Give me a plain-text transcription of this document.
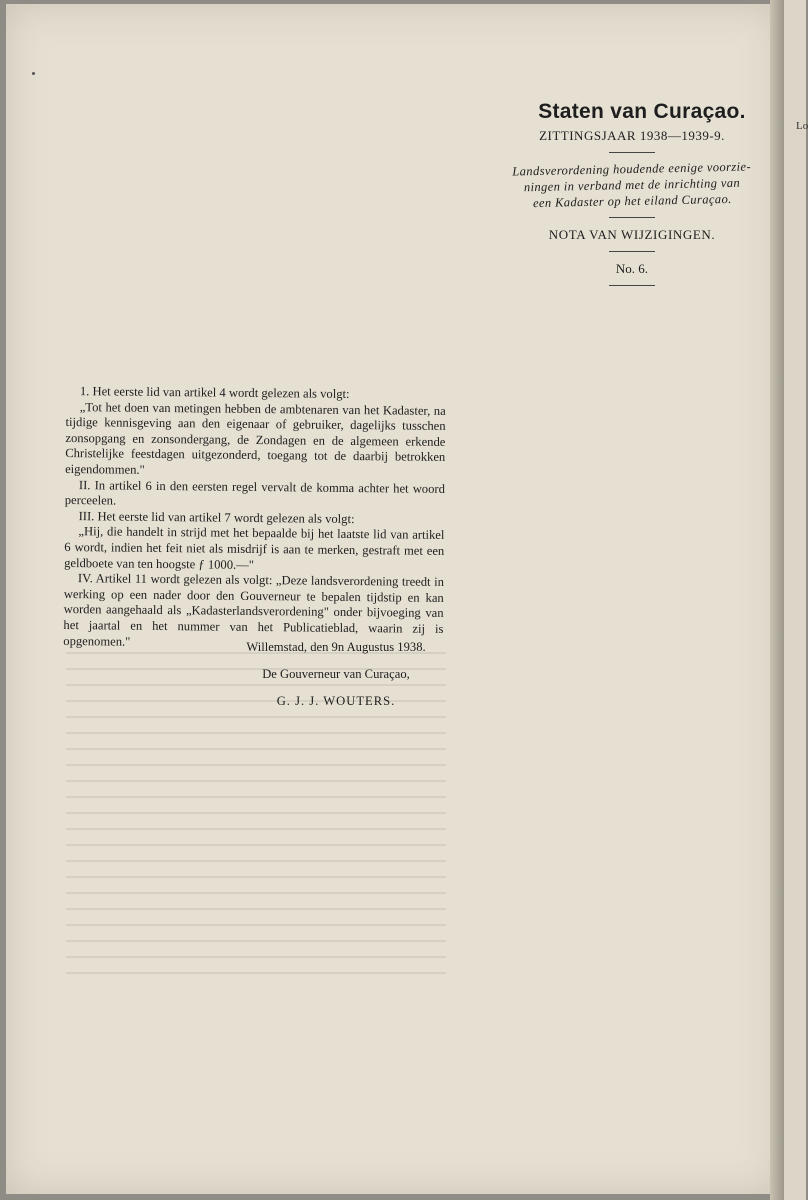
Staten van Curaçao.
ZITTINGSJAAR 1938—1939-9.
Landsverordening houdende eenige voorzie-
ningen in verband met de inrichting van
een Kadaster op het eiland Curaçao.
NOTA VAN WIJZIGINGEN.
No. 6.

1. Het eerste lid van artikel 4 wordt gelezen als volgt:

„Tot het doen van metingen hebben de ambtenaren van het Kadaster, na tijdige kennisgeving aan den eigenaar of gebruiker, dagelijks tusschen zonsopgang en zonsondergang, de Zondagen en de algemeen erkende Christelijke feestdagen uitgezonderd, toegang tot de daarbij betrokken eigendommen."

II. In artikel 6 in den eersten regel vervalt de komma achter het woord perceelen.

III. Het eerste lid van artikel 7 wordt gelezen als volgt:

„Hij, die handelt in strijd met het bepaalde bij het laatste lid van artikel 6 wordt, indien het feit niet als misdrijf is aan te merken, gestraft met een geldboete van ten hoogste ƒ 1000.—"

IV. Artikel 11 wordt gelezen als volgt: „Deze landsverordening treedt in werking op een nader door den Gouverneur te bepalen tijdstip en kan worden aangehaald als „Kadasterlandsverordening" onder bijvoeging van het jaartal en het nummer van het Publicatieblad, waarin zij is opgenomen."	Willemstad, den 9n Augustus 1938.
De Gouverneur van Curaçao,
G. J. J. WOUTERS.
Lo
